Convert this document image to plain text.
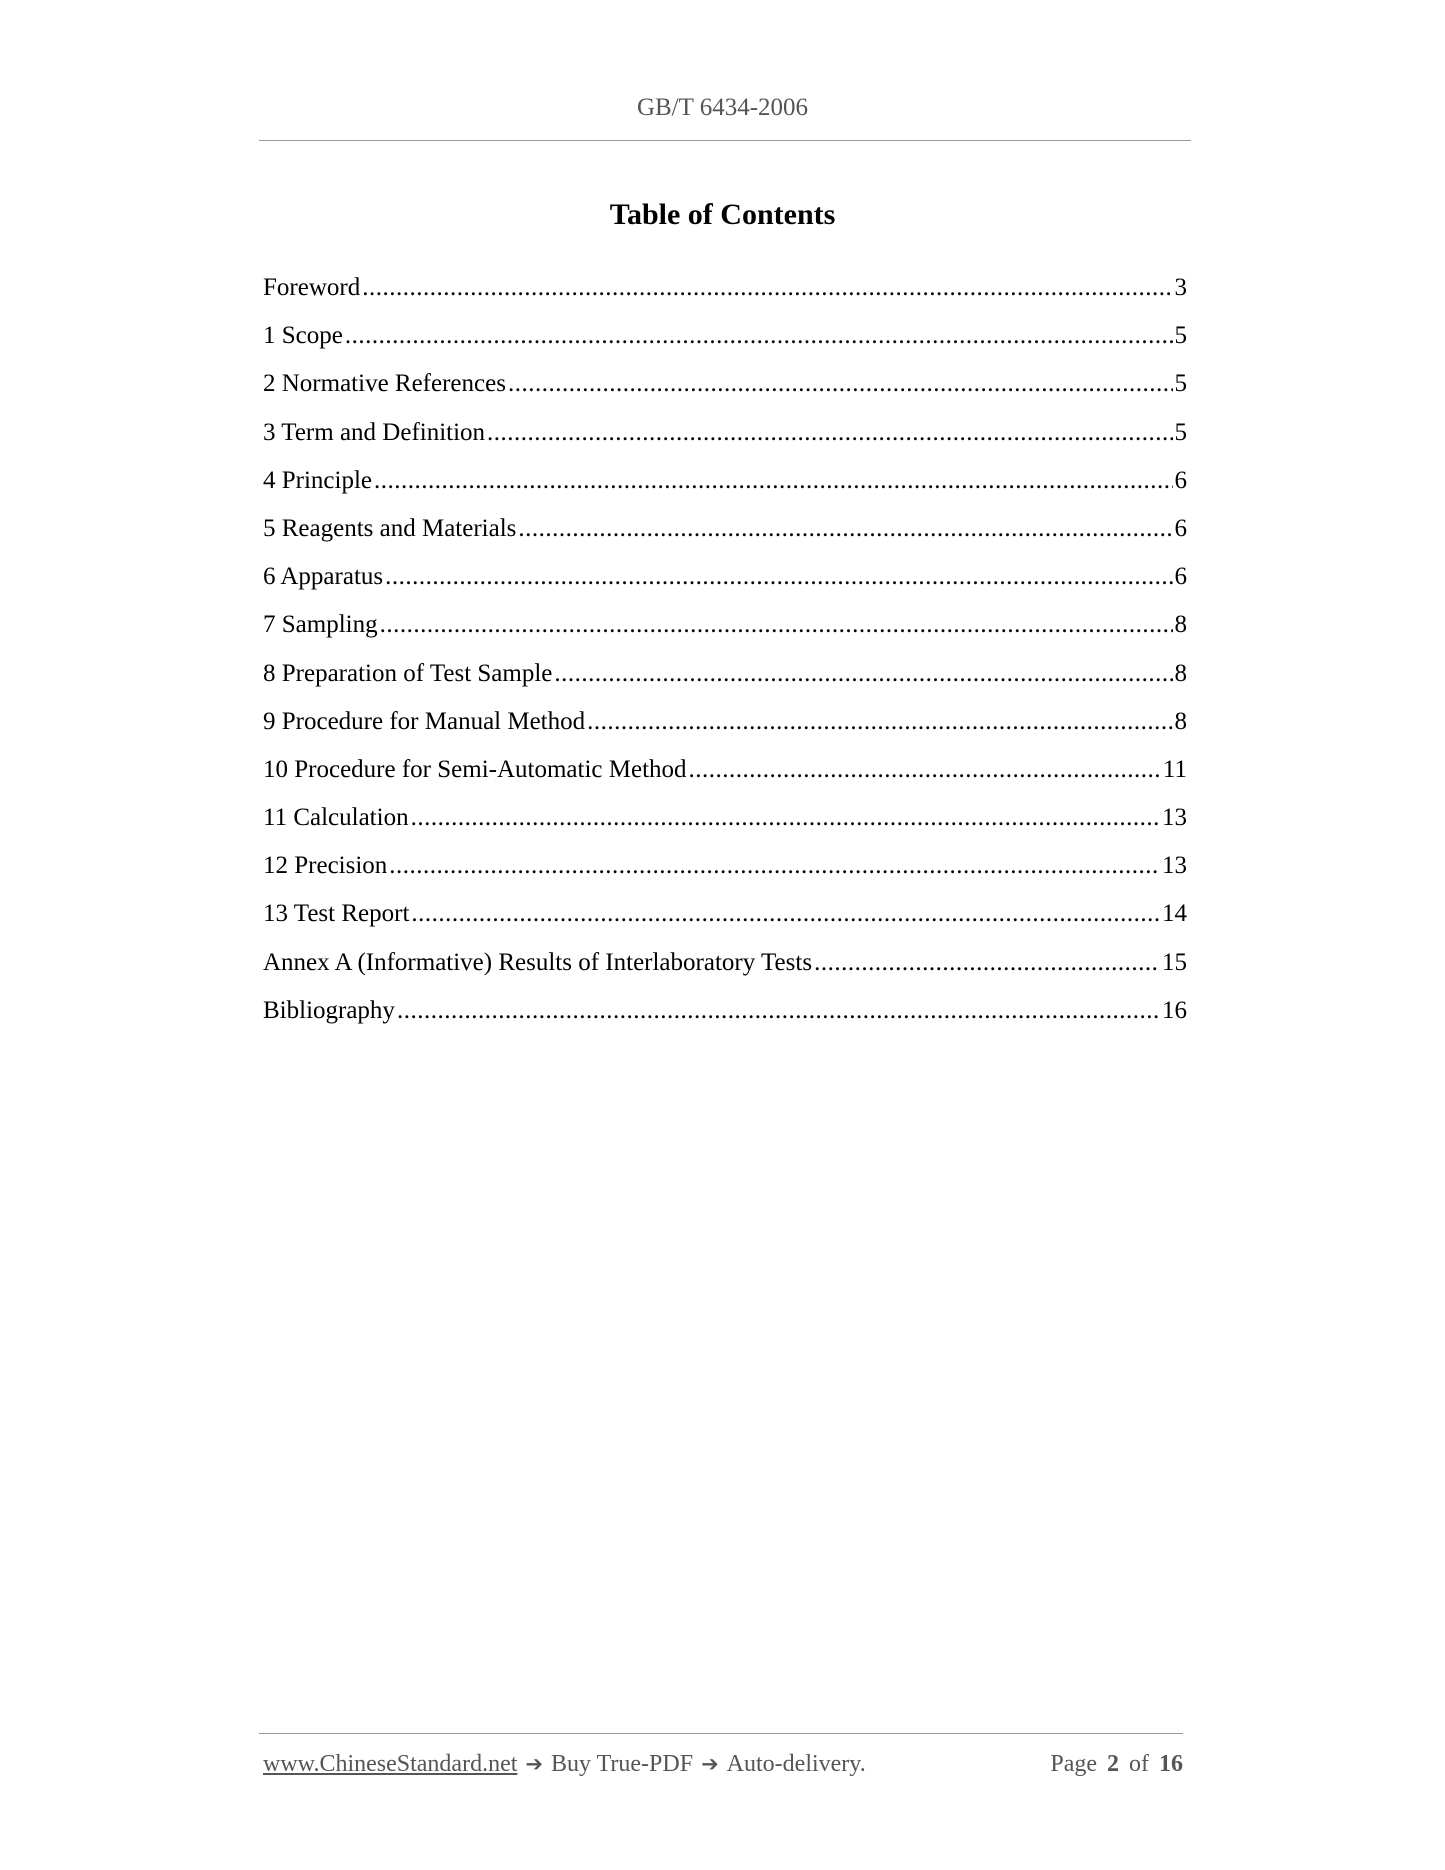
GB/T 6434-2006
Table of Contents
Foreword .....	3
1 Scope .....	5
2 Normative References .....	5
3 Term and Definition .....	5
4 Principle .....	6
5 Reagents and Materials .....	6
6 Apparatus .....	6
7 Sampling .....	8
8 Preparation of Test Sample .....	8
9 Procedure for Manual Method .....	8
10 Procedure for Semi-Automatic Method .....	11
11 Calculation .....	13
12 Precision .....	13
13 Test Report .....	14
Annex A (Informative) Results of Interlaboratory Tests .....	15
Bibliography .....	16
www.ChineseStandard.net ➔ Buy True-PDF ➔ Auto-delivery.	Page 2 of 16
